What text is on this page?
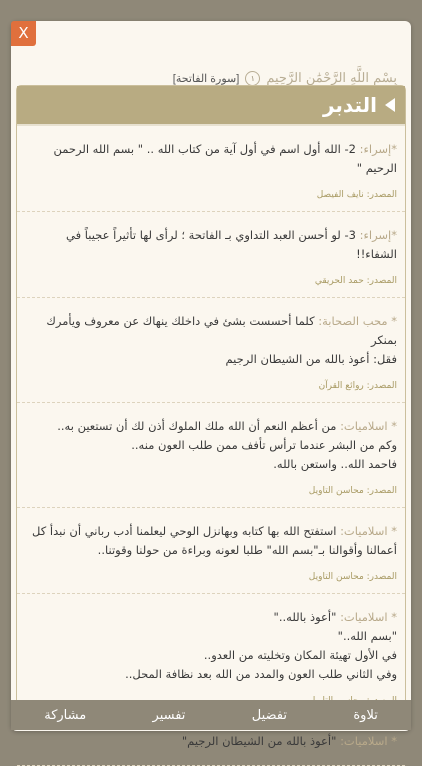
بِسْمِ اللَّهِ الرَّحْمَٰنِ الرَّحِيمِ
١
[سورة الفاتحة]
التدبر
*إسراء: 2- الله أول اسم في أول آية من كتاب الله .. " بسم الله الرحمن الرحيم "
المصدر: نايف الفيصل
*إسراء: 3- لو أحسن العبد التداوي بـ الفاتحة ؛ لرأى لها تأثيراً عجيباً في الشفاء!!
المصدر: حمد الحريقي
* محب الصحابة: كلما أحسست بشئ في داخلك ينهاك عن معروف ويأمرك بمنكر
فقل: أعوذ بالله من الشيطان الرجيم
المصدر: روائع القرآن
* اسلاميات: من أعظم النعم أن الله ملك الملوك أذن لك أن تستعين به..
وكم من البشر عندما ترأس تأفف ممن طلب العون منه..
فاحمد الله.. واستعن بالله.
المصدر: محاسن التاويل
* اسلاميات: استفتح الله بها كتابه وبهانزل الوحي ليعلمنا أدب رباني أن نبدأ كل
أعمالنا وأقوالنا بـ"بسم الله" طلبا لعونه وبراءة من حولنا وقوتنا..
المصدر: محاسن التاويل
* اسلاميات: "أعوذ بالله.."
"بسم الله.."
في الأول تهيئة المكان وتخليته من العدو..
وفي الثاني طلب العون والمدد من الله بعد نظافة المحل..
* اسلاميات: "أعوذ بالله من الشيطان الرجيم"
X
تلاوة
تفضيل
تفسير
مشاركة
